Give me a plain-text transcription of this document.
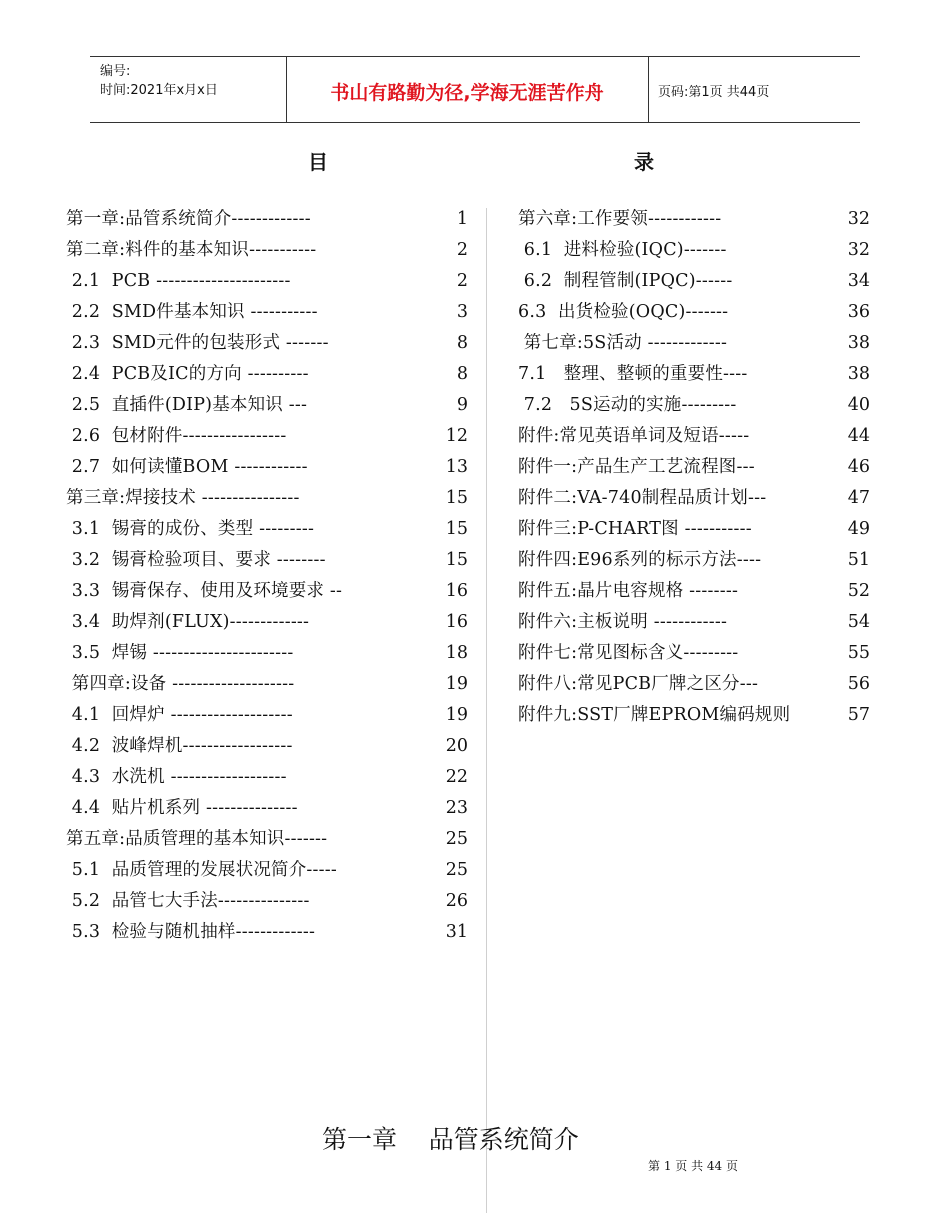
编号:
时间:2021年x月x日	书山有路勤为径,学海无涯苦作舟	页码:第1页 共44页
目	录
第一章:品管系统简介-------------	1
第二章:料件的基本知识-----------	2
2.1  PCB ----------------------	2
2.2  SMD件基本知识 -----------	3
2.3  SMD元件的包装形式 -------	8
2.4  PCB及IC的方向 ----------	8
2.5  直插件(DIP)基本知识 ---	9
2.6  包材附件-----------------	12
2.7  如何读懂BOM ------------	13
第三章:焊接技术 ----------------	15
3.1  锡膏的成份、类型 ---------	15
3.2  锡膏检验项目、要求 --------	15
3.3  锡膏保存、使用及环境要求 --	16
3.4  助焊剂(FLUX)-------------	16
3.5  焊锡 -----------------------	18
第四章:设备 --------------------	19
4.1  回焊炉 --------------------	19
4.2  波峰焊机------------------	20
4.3  水洗机 -------------------	22
4.4  贴片机系列 ---------------	23
第五章:品质管理的基本知识-------	25
5.1  品质管理的发展状况简介-----	25
5.2  品管七大手法---------------	26
5.3  检验与随机抽样-------------	31
第六章:工作要领------------	32
6.1  进料检验(IQC)-------	32
6.2  制程管制(IPQC)------	34
6.3  出货检验(OQC)-------	36
第七章:5S活动 -------------	38
7.1   整理、整顿的重要性----	38
7.2   5S运动的实施---------	40
附件:常见英语单词及短语-----	44
附件一:产品生产工艺流程图---	46
附件二:VA-740制程品质计划---	47
附件三:P-CHART图 -----------	49
附件四:E96系列的标示方法----	51
附件五:晶片电容规格 --------	52
附件六:主板说明 ------------	54
附件七:常见图标含义---------	55
附件八:常见PCB厂牌之区分---	56
附件九:SST厂牌EPROM编码规则	57
第一章    品管系统简介
第 1 页 共 44 页
